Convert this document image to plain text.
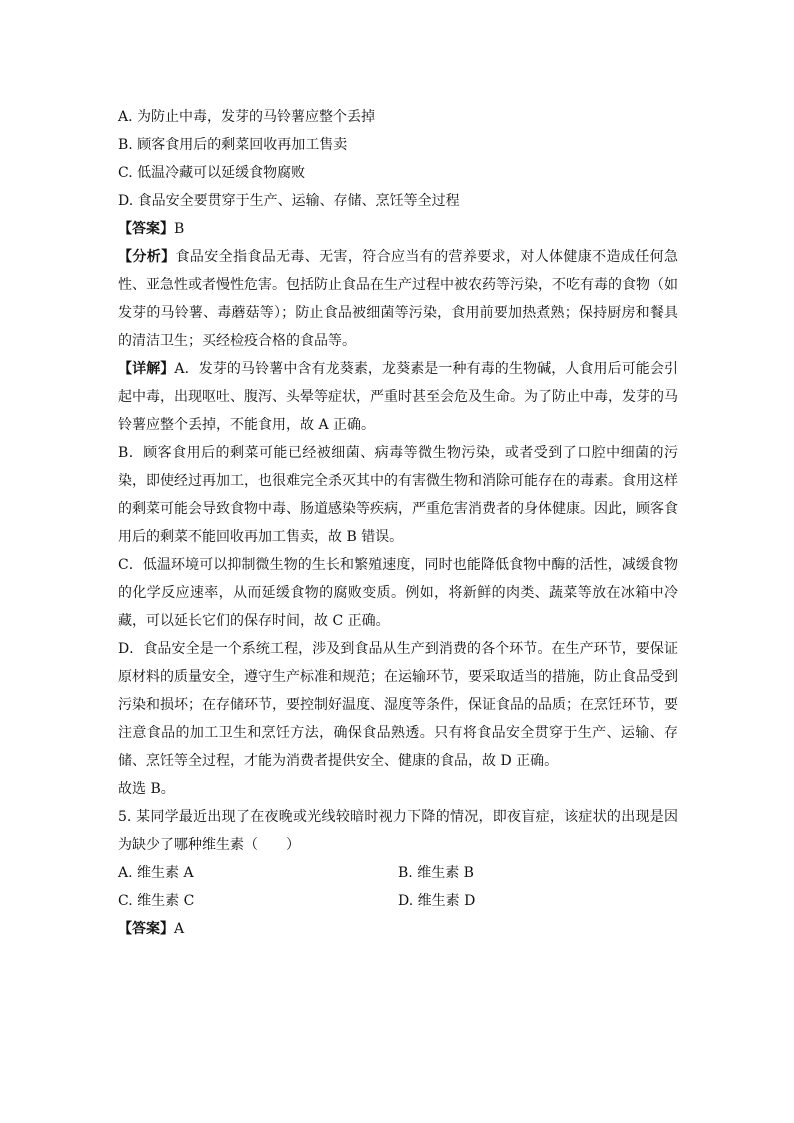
A. 为防止中毒，发芽的马铃薯应整个丢掉
B. 顾客食用后的剩菜回收再加工售卖
C. 低温冷藏可以延缓食物腐败
D. 食品安全要贯穿于生产、运输、存储、烹饪等全过程
【答案】B
【分析】食品安全指食品无毒、无害，符合应当有的营养要求，对人体健康不造成任何急性、亚急性或者慢性危害。包括防止食品在生产过程中被农药等污染，不吃有毒的食物（如发芽的马铃薯、毒蘑菇等）；防止食品被细菌等污染，食用前要加热煮熟；保持厨房和餐具的清洁卫生；买经检疫合格的食品等。
【详解】A．发芽的马铃薯中含有龙葵素，龙葵素是一种有毒的生物碱，人食用后可能会引起中毒，出现呕吐、腹泻、头晕等症状，严重时甚至会危及生命。为了防止中毒，发芽的马铃薯应整个丢掉，不能食用，故 A 正确。
B．顾客食用后的剩菜可能已经被细菌、病毒等微生物污染，或者受到了口腔中细菌的污染，即使经过再加工，也很难完全杀灭其中的有害微生物和消除可能存在的毒素。食用这样的剩菜可能会导致食物中毒、肠道感染等疾病，严重危害消费者的身体健康。因此，顾客食用后的剩菜不能回收再加工售卖，故 B 错误。
C．低温环境可以抑制微生物的生长和繁殖速度，同时也能降低食物中酶的活性，减缓食物的化学反应速率，从而延缓食物的腐败变质。例如，将新鲜的肉类、蔬菜等放在冰箱中冷藏，可以延长它们的保存时间，故 C 正确。
D．食品安全是一个系统工程，涉及到食品从生产到消费的各个环节。在生产环节，要保证原材料的质量安全，遵守生产标准和规范；在运输环节，要采取适当的措施，防止食品受到污染和损坏；在存储环节，要控制好温度、湿度等条件，保证食品的品质；在烹饪环节，要注意食品的加工卫生和烹饪方法，确保食品熟透。只有将食品安全贯穿于生产、运输、存储、烹饪等全过程，才能为消费者提供安全、健康的食品，故 D 正确。
故选 B。
5. 某同学最近出现了在夜晚或光线较暗时视力下降的情况，即夜盲症，该症状的出现是因为缺少了哪种维生素（　　）
A. 维生素 A	B. 维生素 B
C. 维生素 C	D. 维生素 D
【答案】A
